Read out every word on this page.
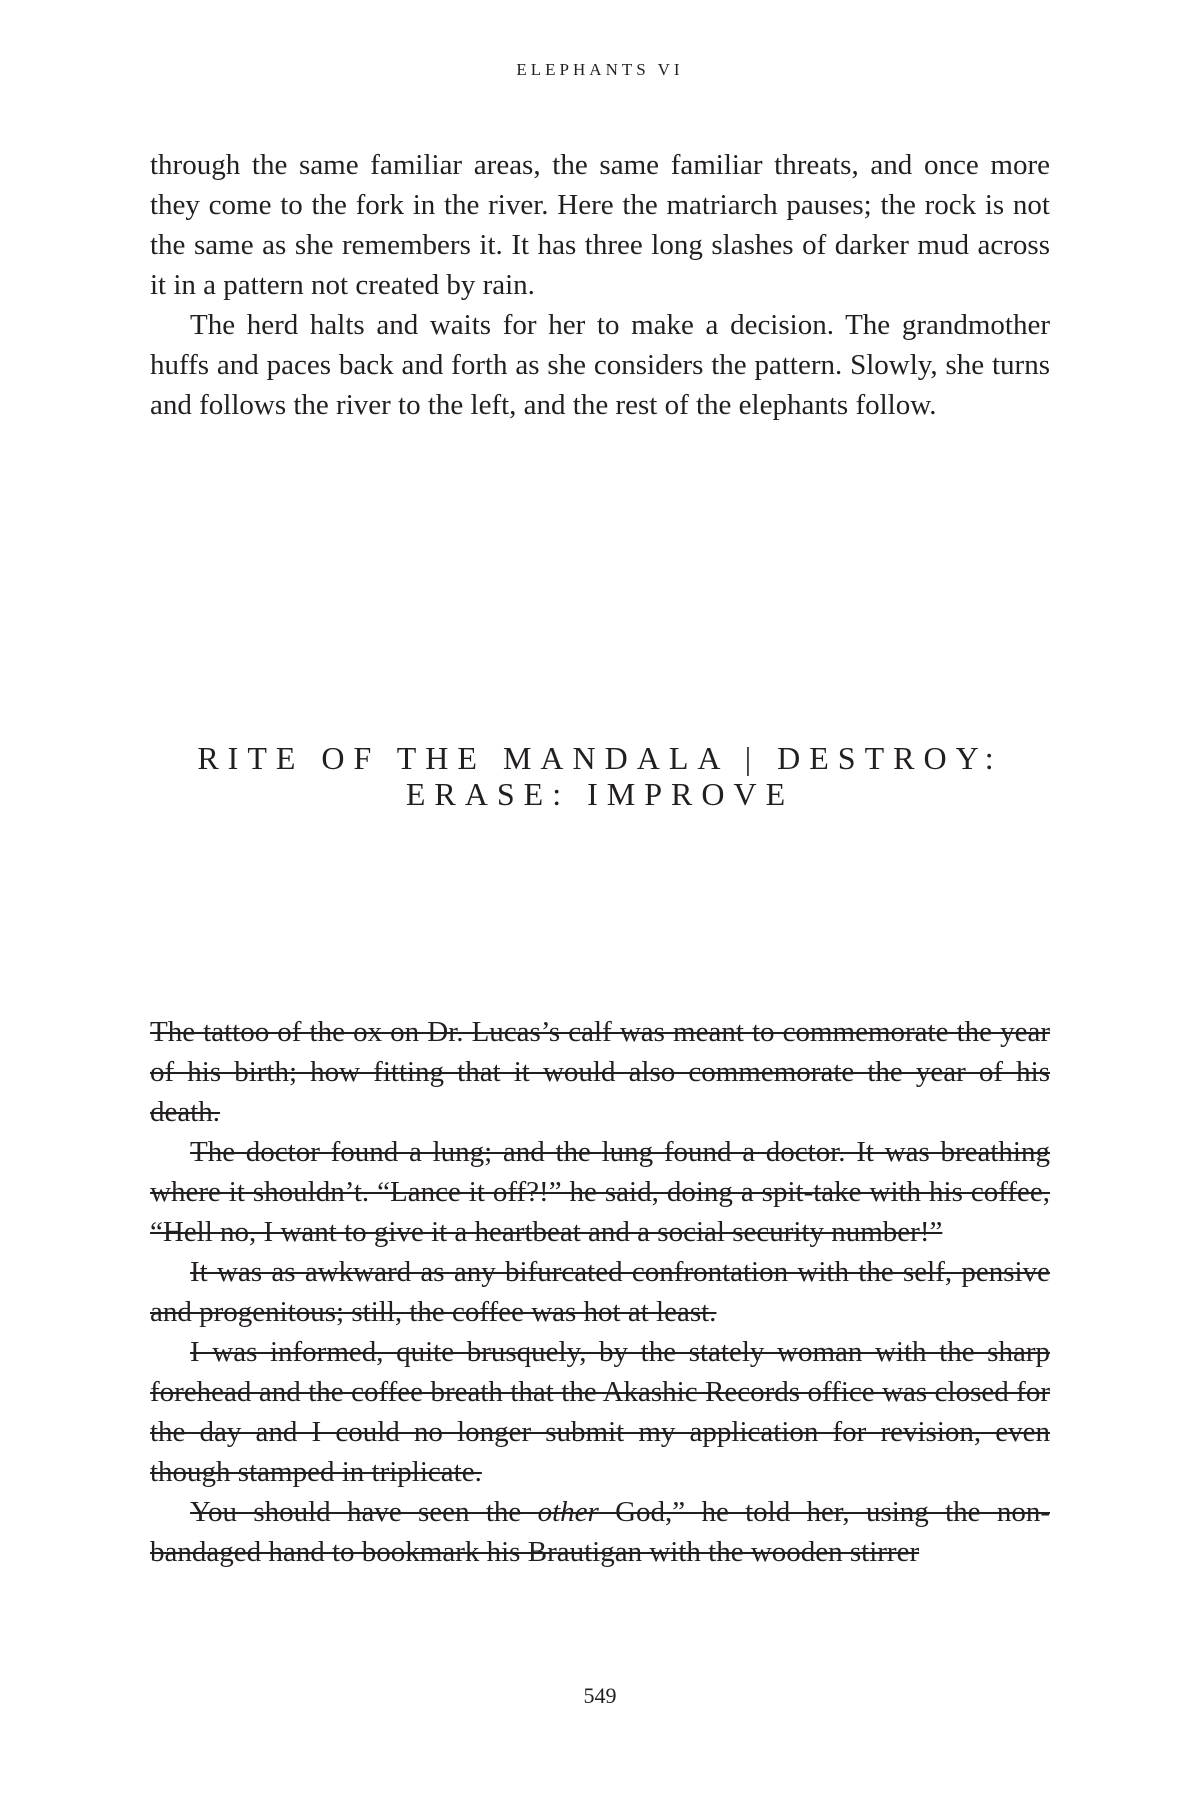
ELEPHANTS VI

through the same familiar areas, the same familiar threats, and once more they come to the fork in the river. Here the matriarch pauses; the rock is not the same as she remembers it. It has three long slashes of darker mud across it in a pattern not created by rain.

The herd halts and waits for her to make a decision. The grandmother huffs and paces back and forth as she considers the pattern. Slowly, she turns and follows the river to the left, and the rest of the elephants follow.

RITE OF THE MANDALA | DESTROY:
ERASE: IMPROVE

The tattoo of the ox on Dr. Lucas’s calf was meant to commemorate the year of his birth; how fitting that it would also commemorate the year of his death.

The doctor found a lung; and the lung found a doctor. It was breathing where it shouldn’t. “Lance it off?!” he said, doing a spit-take with his coffee, “Hell no, I want to give it a heartbeat and a social security number!”

It was as awkward as any bifurcated confrontation with the self, pensive and progenitous; still, the coffee was hot at least.

I was informed, quite brusquely, by the stately woman with the sharp forehead and the coffee breath that the Akashic Records office was closed for the day and I could no longer submit my application for revision, even though stamped in triplicate.

You should have seen the other God,” he told her, using the non-bandaged hand to bookmark his Brautigan with the wooden stirrer

549
